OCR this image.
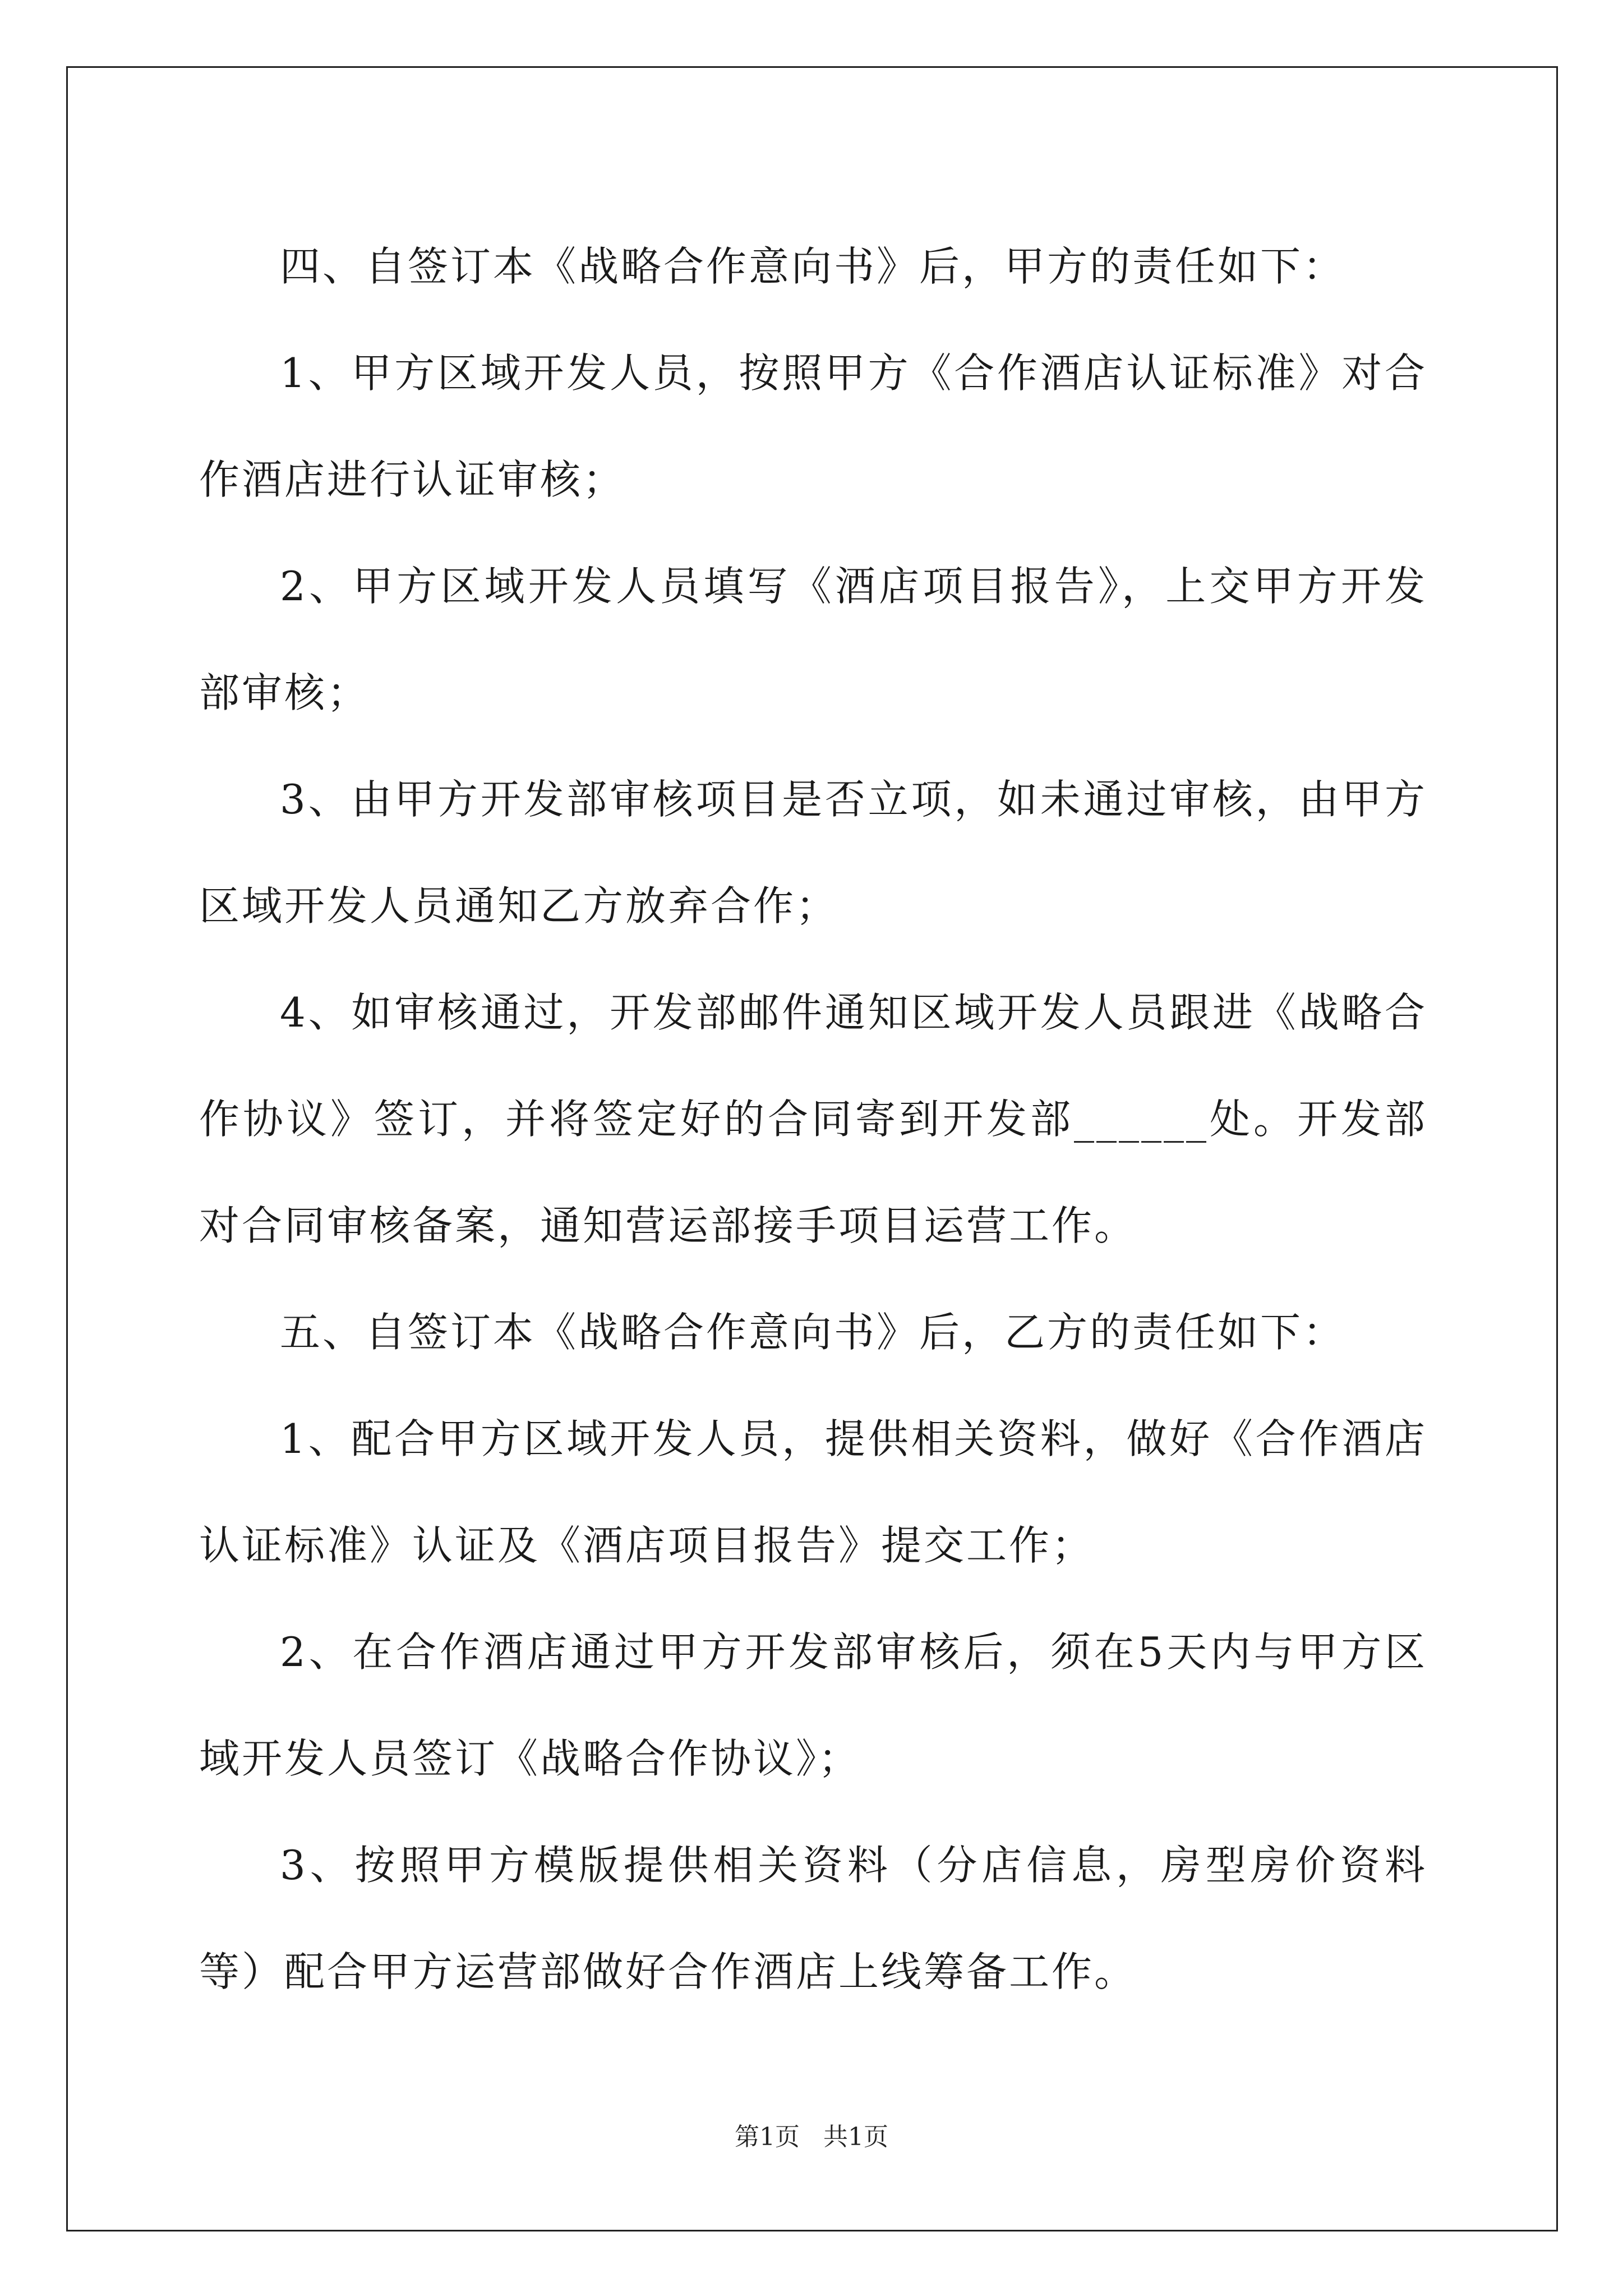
四、自签订本《战略合作意向书》后，甲方的责任如下：

1、甲方区域开发人员，按照甲方《合作酒店认证标准》对合作酒店进行认证审核；

2、甲方区域开发人员填写《酒店项目报告》，上交甲方开发部审核；

3、由甲方开发部审核项目是否立项，如未通过审核，由甲方区域开发人员通知乙方放弃合作；

4、如审核通过，开发部邮件通知区域开发人员跟进《战略合作协议》签订，并将签定好的合同寄到开发部______处。开发部对合同审核备案，通知营运部接手项目运营工作。

五、自签订本《战略合作意向书》后，乙方的责任如下：

1、配合甲方区域开发人员，提供相关资料，做好《合作酒店认证标准》认证及《酒店项目报告》提交工作；

2、在合作酒店通过甲方开发部审核后，须在5天内与甲方区域开发人员签订《战略合作协议》；

3、按照甲方模版提供相关资料（分店信息，房型房价资料等）配合甲方运营部做好合作酒店上线筹备工作。

第1页 共1页
